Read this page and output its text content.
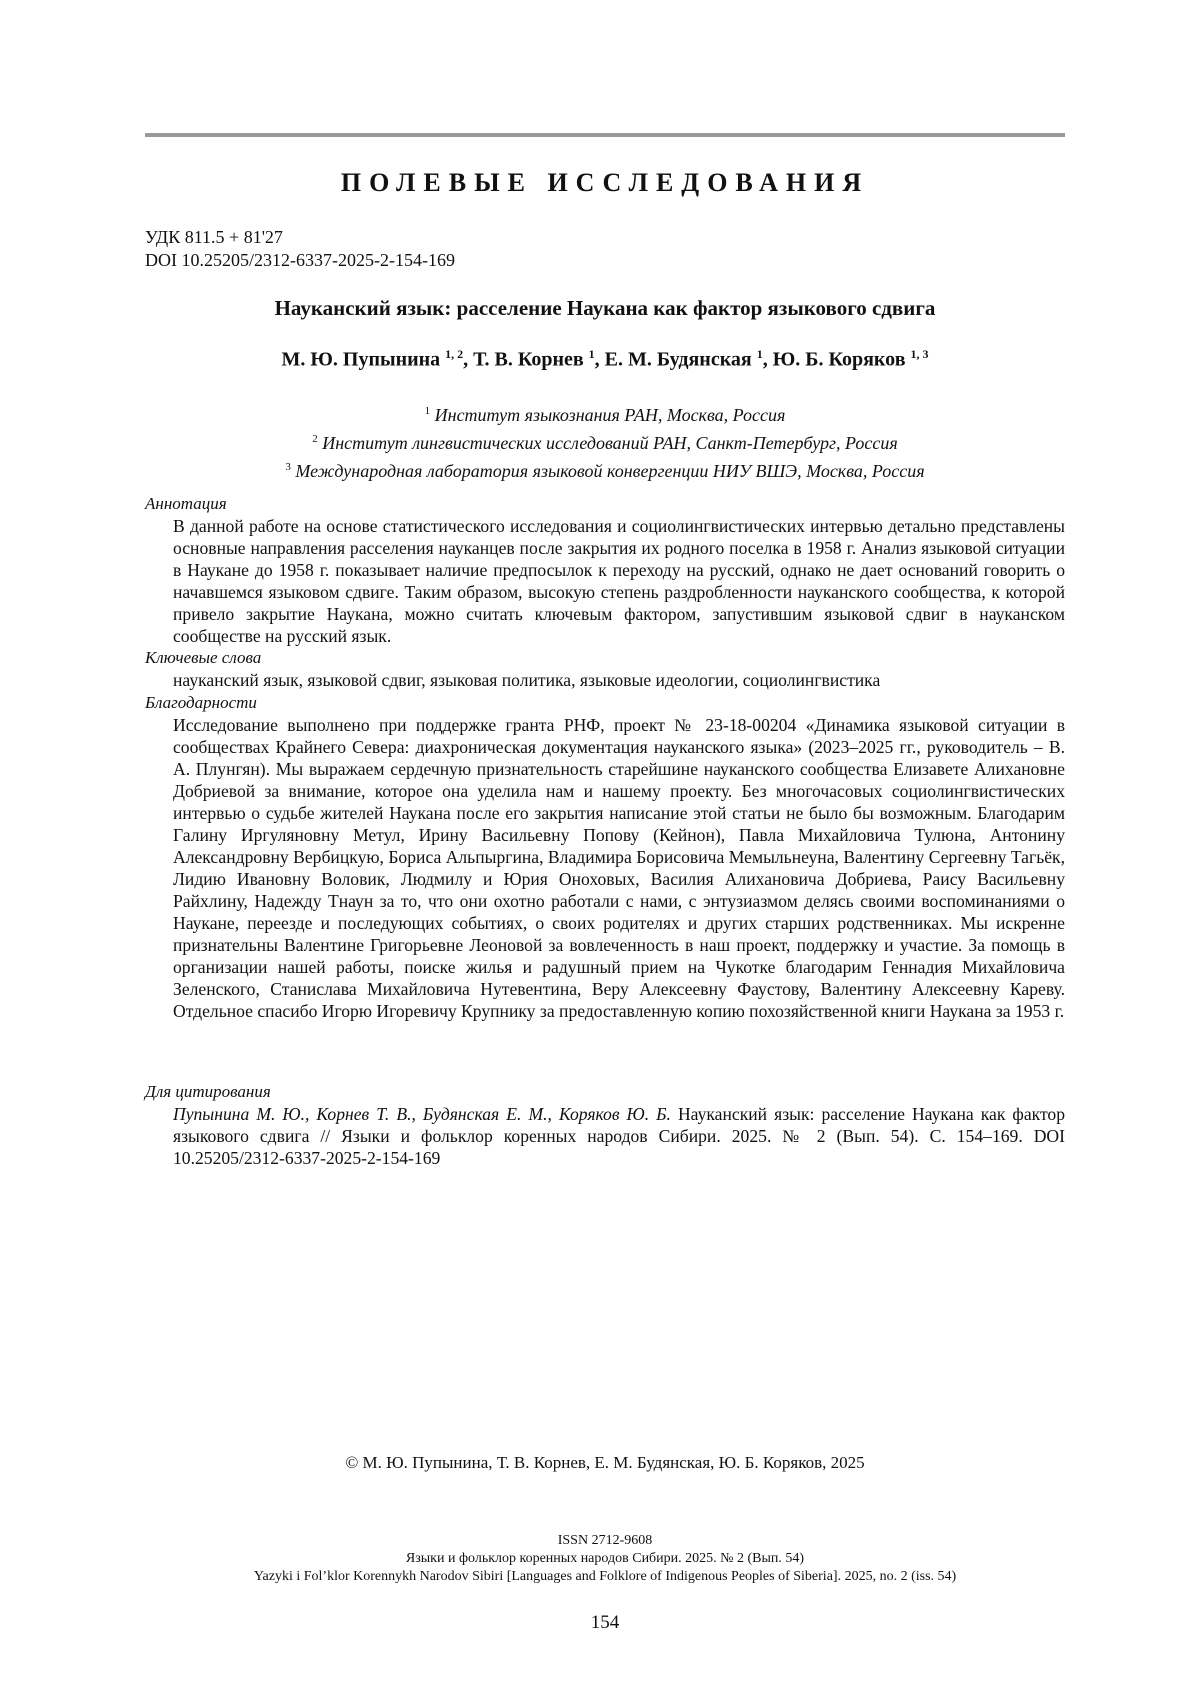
ПОЛЕВЫЕ ИССЛЕДОВАНИЯ
УДК 811.5 + 81'27
DOI 10.25205/2312-6337-2025-2-154-169
Науканский язык: расселение Наукана как фактор языкового сдвига
М. Ю. Пупынина $^{1, 2}$, Т. В. Корнев $^1$, Е. М. Будянская $^1$, Ю. Б. Коряков $^{1, 3}$
$^1$ Институт языкознания РАН, Москва, Россия
$^2$ Институт лингвистических исследований РАН, Санкт-Петербург, Россия
$^3$ Международная лаборатория языковой конвергенции НИУ ВШЭ, Москва, Россия
Аннотация
В данной работе на основе статистического исследования и социолингвистических интервью детально представлены основные направления расселения науканцев после закрытия их родного поселка в 1958 г. Анализ языковой ситуации в Наукане до 1958 г. показывает наличие предпосылок к переходу на русский, однако не дает оснований говорить о начавшемся языковом сдвиге. Таким образом, высокую степень раздробленности науканского сообщества, к которой привело закрытие Наукана, можно считать ключевым фактором, запустившим языковой сдвиг в науканском сообществе на русский язык.
Ключевые слова
науканский язык, языковой сдвиг, языковая политика, языковые идеологии, социолингвистика
Благодарности
Исследование выполнено при поддержке гранта РНФ, проект № 23-18-00204 «Динамика языковой ситуации в сообществах Крайнего Севера: диахроническая документация науканского языка» (2023–2025 гг., руководитель – В. А. Плунгян). Мы выражаем сердечную признательность старейшине науканского сообщества Елизавете Алихановне Добриевой за внимание, которое она уделила нам и нашему проекту. Без многочасовых социолингвистических интервью о судьбе жителей Наукана после его закрытия написание этой статьи не было бы возможным. Благодарим Галину Иргуляновну Метул, Ирину Васильевну Попову (Кейнон), Павла Михайловича Тулюна, Антонину Александровну Вербицкую, Бориса Альпыргина, Владимира Борисовича Мемыльнеуна, Валентину Сергеевну Тагьёк, Лидию Ивановну Воловик, Людмилу и Юрия Оноховых, Василия Алихановича Добриева, Раису Васильевну Райхлину, Надежду Тнаун за то, что они охотно работали с нами, с энтузиазмом делясь своими воспоминаниями о Наукане, переезде и последующих событиях, о своих родителях и других старших родственниках. Мы искренне признательны Валентине Григорьевне Леоновой за вовлеченность в наш проект, поддержку и участие. За помощь в организации нашей работы, поиске жилья и радушный прием на Чукотке благодарим Геннадия Михайловича Зеленского, Станислава Михайловича Нутевентина, Веру Алексеевну Фаустову, Валентину Алексеевну Кареву. Отдельное спасибо Игорю Игоревичу Крупнику за предоставленную копию похозяйственной книги Наукана за 1953 г.
Для цитирования
Пупынина М. Ю., Корнев Т. В., Будянская Е. М., Коряков Ю. Б. Науканский язык: расселение Наукана как фактор языкового сдвига // Языки и фольклор коренных народов Сибири. 2025. № 2 (Вып. 54). С. 154–169. DOI 10.25205/2312-6337-2025-2-154-169
© М. Ю. Пупынина, Т. В. Корнев, Е. М. Будянская, Ю. Б. Коряков, 2025
ISSN 2712-9608
Языки и фольклор коренных народов Сибири. 2025. № 2 (Вып. 54)
Yazyki i Fol’klor Korennykh Narodov Sibiri [Languages and Folklore of Indigenous Peoples of Siberia]. 2025, no. 2 (iss. 54)
154
